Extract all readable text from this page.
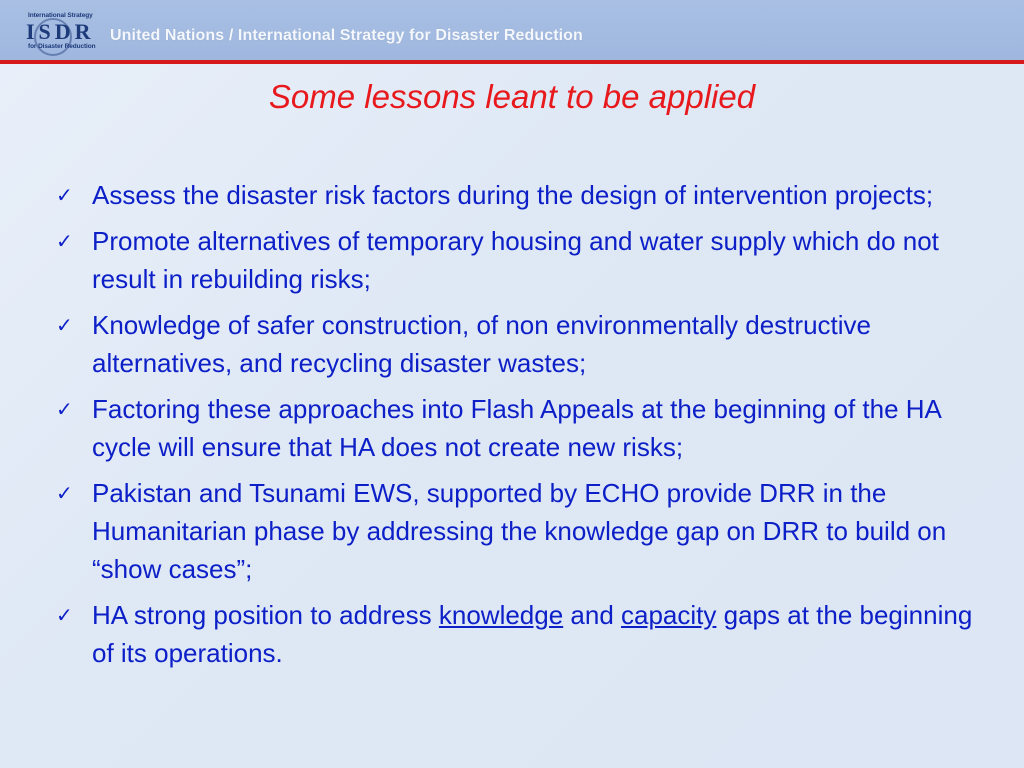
International Strategy
ISDR
for Disaster Reduction
United Nations / International Strategy for Disaster Reduction
Some lessons leant to be applied
✓ Assess the disaster risk factors during the design of intervention projects;
✓ Promote alternatives of temporary housing and water supply which do not result in rebuilding risks;
✓ Knowledge of safer construction, of non environmentally destructive alternatives, and recycling disaster wastes;
✓ Factoring these approaches into Flash Appeals at the beginning of the HA cycle will ensure that HA does not create new risks;
✓ Pakistan and Tsunami EWS, supported by ECHO provide DRR in the Humanitarian phase by addressing the knowledge gap on DRR to build on “show cases”;
✓ HA strong position to address knowledge and capacity gaps at the beginning of its operations.
